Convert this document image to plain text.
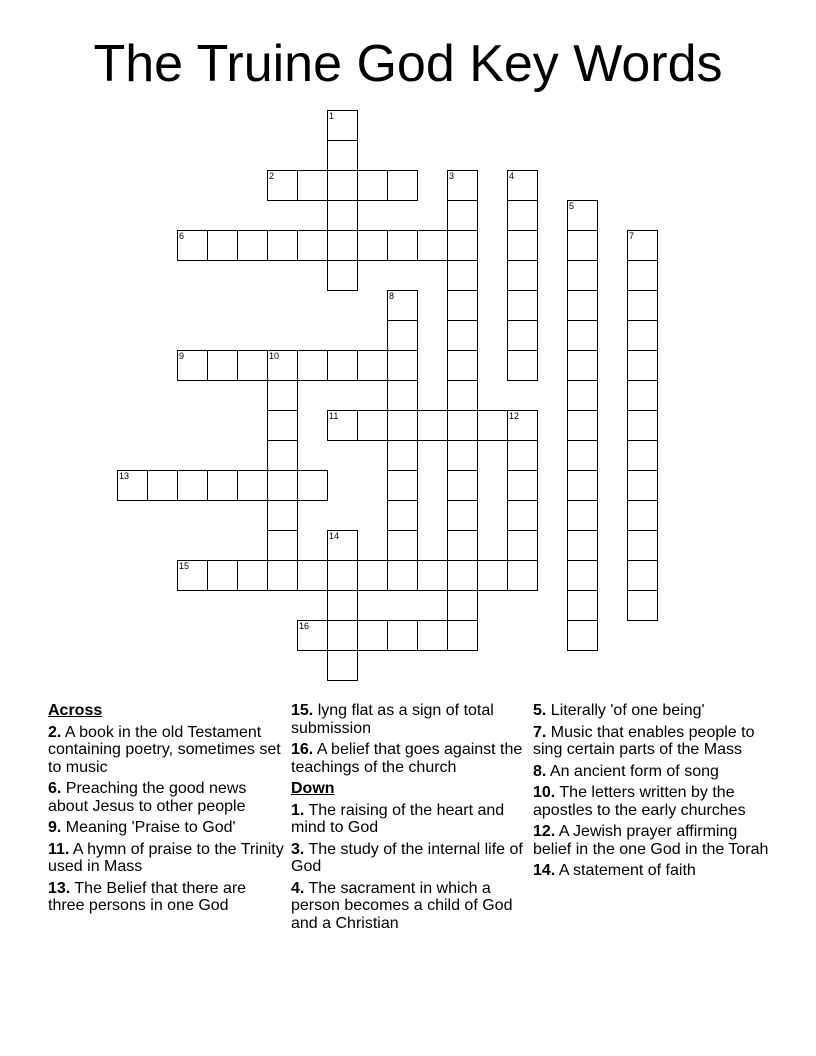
The Truine God Key Words
1
2	3	4
5
6	7
8
9	10
11	12
13
14
15
16
Across
2. A book in the old Testament containing poetry, sometimes set to music
6. Preaching the good news about Jesus to other people
9. Meaning 'Praise to God'
11. A hymn of praise to the Trinity used in Mass
13. The Belief that there are three persons in one God
15. lyng flat as a sign of total submission
16. A belief that goes against the teachings of the church
Down
1. The raising of the heart and mind to God
3. The study of the internal life of God
4. The sacrament in which a person becomes a child of God and a Christian
5. Literally 'of one being'
7. Music that enables people to sing certain parts of the Mass
8. An ancient form of song
10. The letters written by the apostles to the early churches
12. A Jewish prayer affirming belief in the one God in the Torah
14. A statement of faith
